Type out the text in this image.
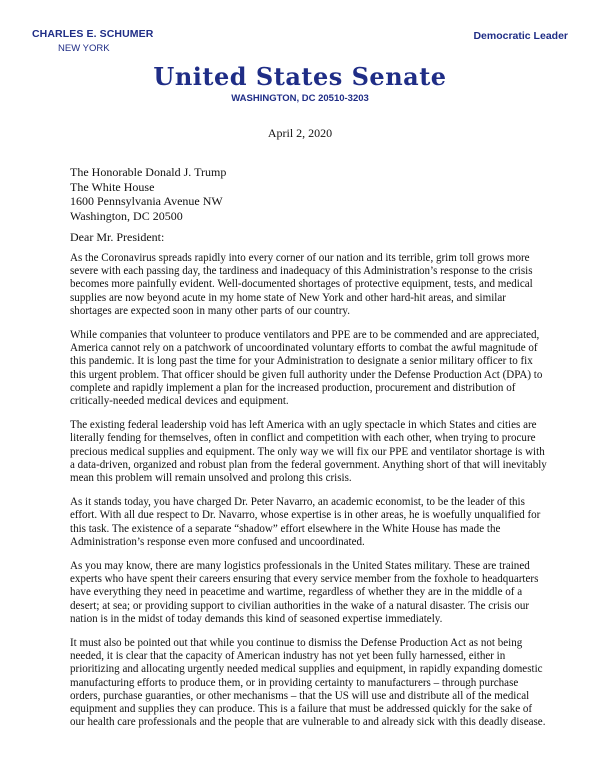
CHARLES E. SCHUMER
NEW YORK
Democratic Leader
United States Senate
WASHINGTON, DC 20510-3203
April 2, 2020
The Honorable Donald J. Trump
The White House
1600 Pennsylvania Avenue NW
Washington, DC 20500
Dear Mr. President:

As the Coronavirus spreads rapidly into every corner of our nation and its terrible, grim toll grows more severe with each passing day, the tardiness and inadequacy of this Administration’s response to the crisis becomes more painfully evident. Well-documented shortages of protective equipment, tests, and medical supplies are now beyond acute in my home state of New York and other hard-hit areas, and similar shortages are expected soon in many other parts of our country.

While companies that volunteer to produce ventilators and PPE are to be commended and are appreciated, America cannot rely on a patchwork of uncoordinated voluntary efforts to combat the awful magnitude of this pandemic. It is long past the time for your Administration to designate a senior military officer to fix this urgent problem. That officer should be given full authority under the Defense Production Act (DPA) to complete and rapidly implement a plan for the increased production, procurement and distribution of critically-needed medical devices and equipment.

The existing federal leadership void has left America with an ugly spectacle in which States and cities are literally fending for themselves, often in conflict and competition with each other, when trying to procure precious medical supplies and equipment. The only way we will fix our PPE and ventilator shortage is with a data-driven, organized and robust plan from the federal government. Anything short of that will inevitably mean this problem will remain unsolved and prolong this crisis.

As it stands today, you have charged Dr. Peter Navarro, an academic economist, to be the leader of this effort. With all due respect to Dr. Navarro, whose expertise is in other areas, he is woefully unqualified for this task. The existence of a separate “shadow” effort elsewhere in the White House has made the Administration’s response even more confused and uncoordinated.

As you may know, there are many logistics professionals in the United States military. These are trained experts who have spent their careers ensuring that every service member from the foxhole to headquarters have everything they need in peacetime and wartime, regardless of whether they are in the middle of a desert; at sea; or providing support to civilian authorities in the wake of a natural disaster. The crisis our nation is in the midst of today demands this kind of seasoned expertise immediately.

It must also be pointed out that while you continue to dismiss the Defense Production Act as not being needed, it is clear that the capacity of American industry has not yet been fully harnessed, either in prioritizing and allocating urgently needed medical supplies and equipment, in rapidly expanding domestic manufacturing efforts to produce them, or in providing certainty to manufacturers – through purchase orders, purchase guaranties, or other mechanisms – that the US will use and distribute all of the medical equipment and supplies they can produce. This is a failure that must be addressed quickly for the sake of our health care professionals and the people that are vulnerable to and already sick with this deadly disease.
